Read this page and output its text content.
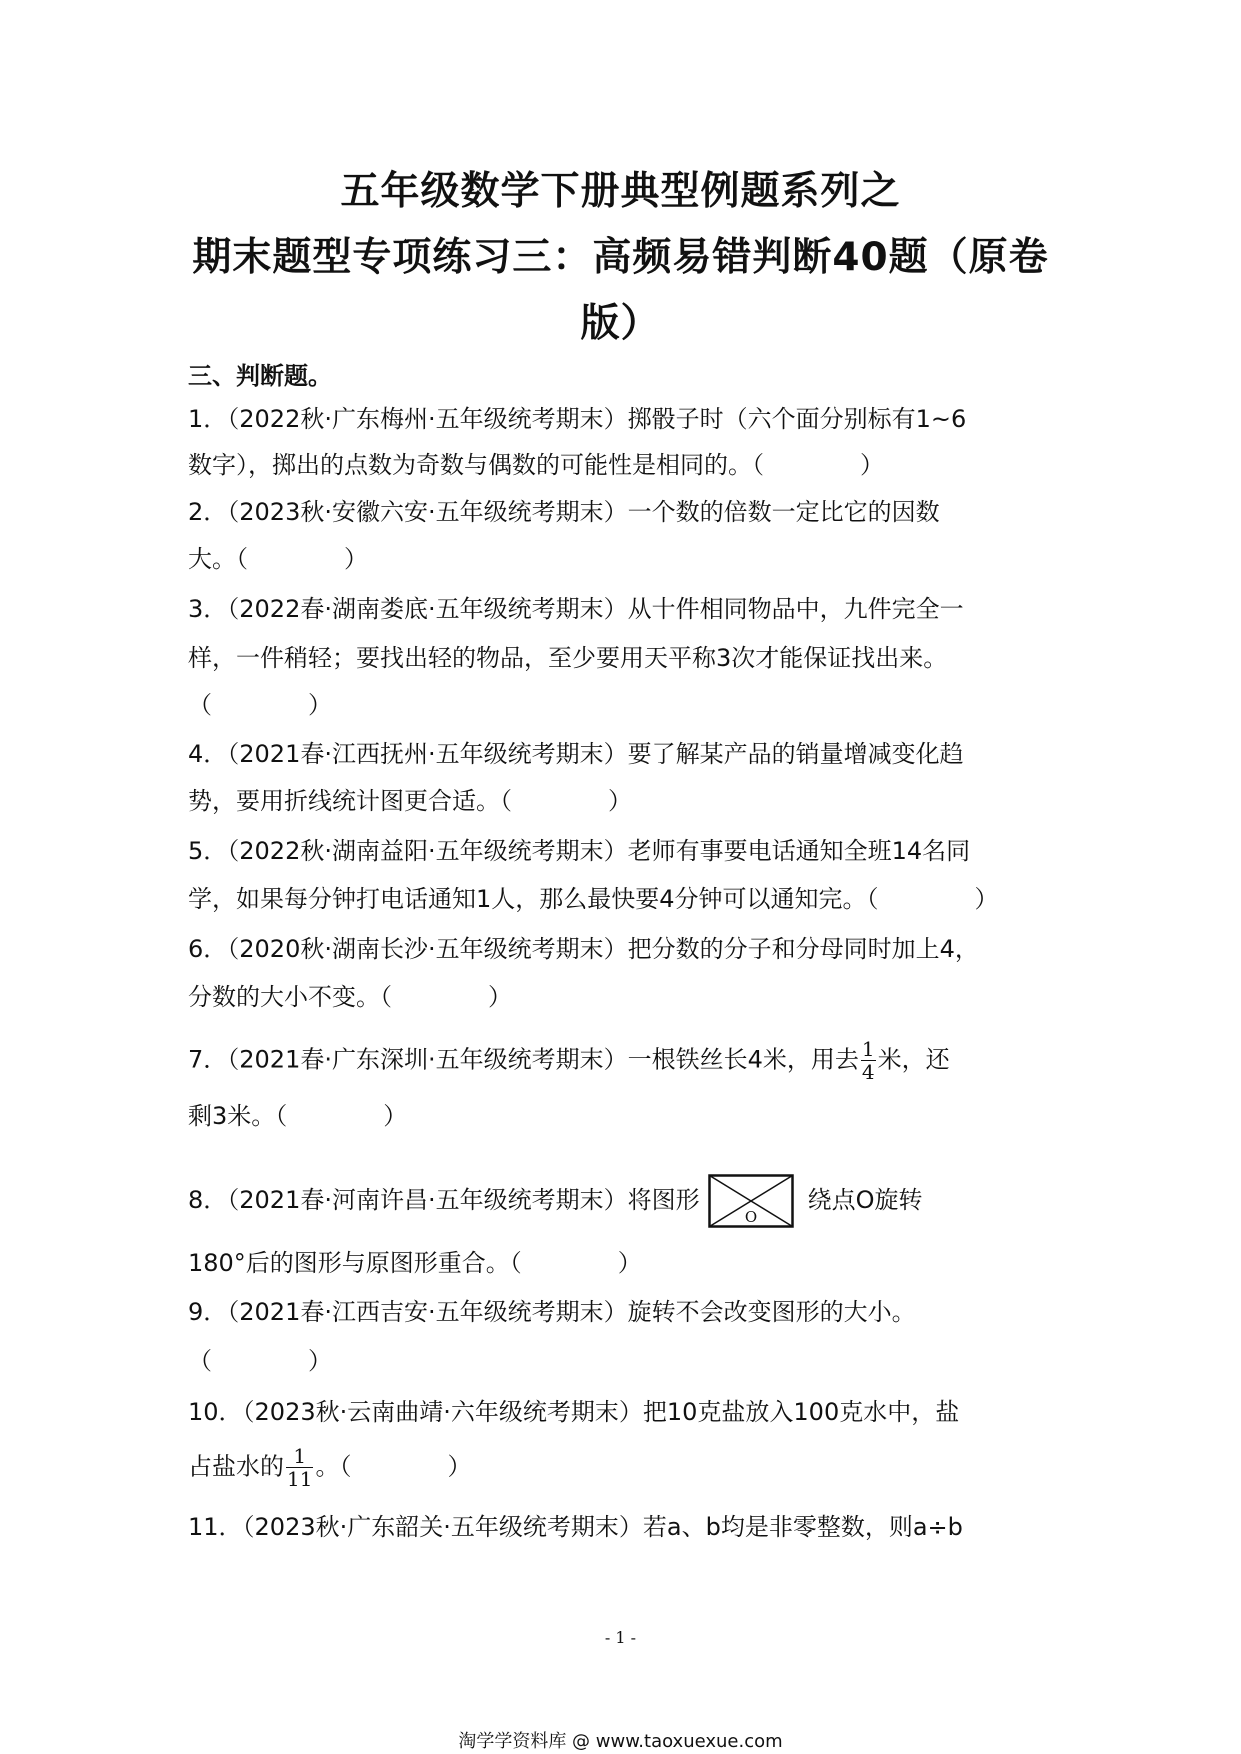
五年级数学下册典型例题系列之
期末题型专项练习三：高频易错判断40题（原卷
版）
三、判断题。
1．（2022秋·广东梅州·五年级统考期末）掷骰子时（六个面分别标有1~6
数字），掷出的点数为奇数与偶数的可能性是相同的。（　　　　）
2．（2023秋·安徽六安·五年级统考期末）一个数的倍数一定比它的因数
大。（　　　　）
3．（2022春·湖南娄底·五年级统考期末）从十件相同物品中，九件完全一
样，一件稍轻；要找出轻的物品，至少要用天平称3次才能保证找出来。
（　　　　）
4．（2021春·江西抚州·五年级统考期末）要了解某产品的销量增减变化趋
势，要用折线统计图更合适。（　　　　）
5．（2022秋·湖南益阳·五年级统考期末）老师有事要电话通知全班14名同
学，如果每分钟打电话通知1人，那么最快要4分钟可以通知完。（　　　　）
6．（2020秋·湖南长沙·五年级统考期末）把分数的分子和分母同时加上4，
分数的大小不变。（　　　　）
7．（2021春·广东深圳·五年级统考期末）一根铁丝长4米，用去 $\frac{1}{4}$ 米，还
剩3米。（　　　　）
8．（2021春·河南许昌·五年级统考期末）将图形
O
绕点O旋转
180°后的图形与原图形重合。（　　　　）
9．（2021春·江西吉安·五年级统考期末）旋转不会改变图形的大小。
（　　　　）
10．（2023秋·云南曲靖·六年级统考期末）把10克盐放入100克水中，盐
占盐水的 $\frac{1}{11}$ 。（　　　　）
11．（2023秋·广东韶关·五年级统考期末）若a、b均是非零整数，则a÷b
- 1 -
淘学学资料库 @ www.taoxuexue.com
